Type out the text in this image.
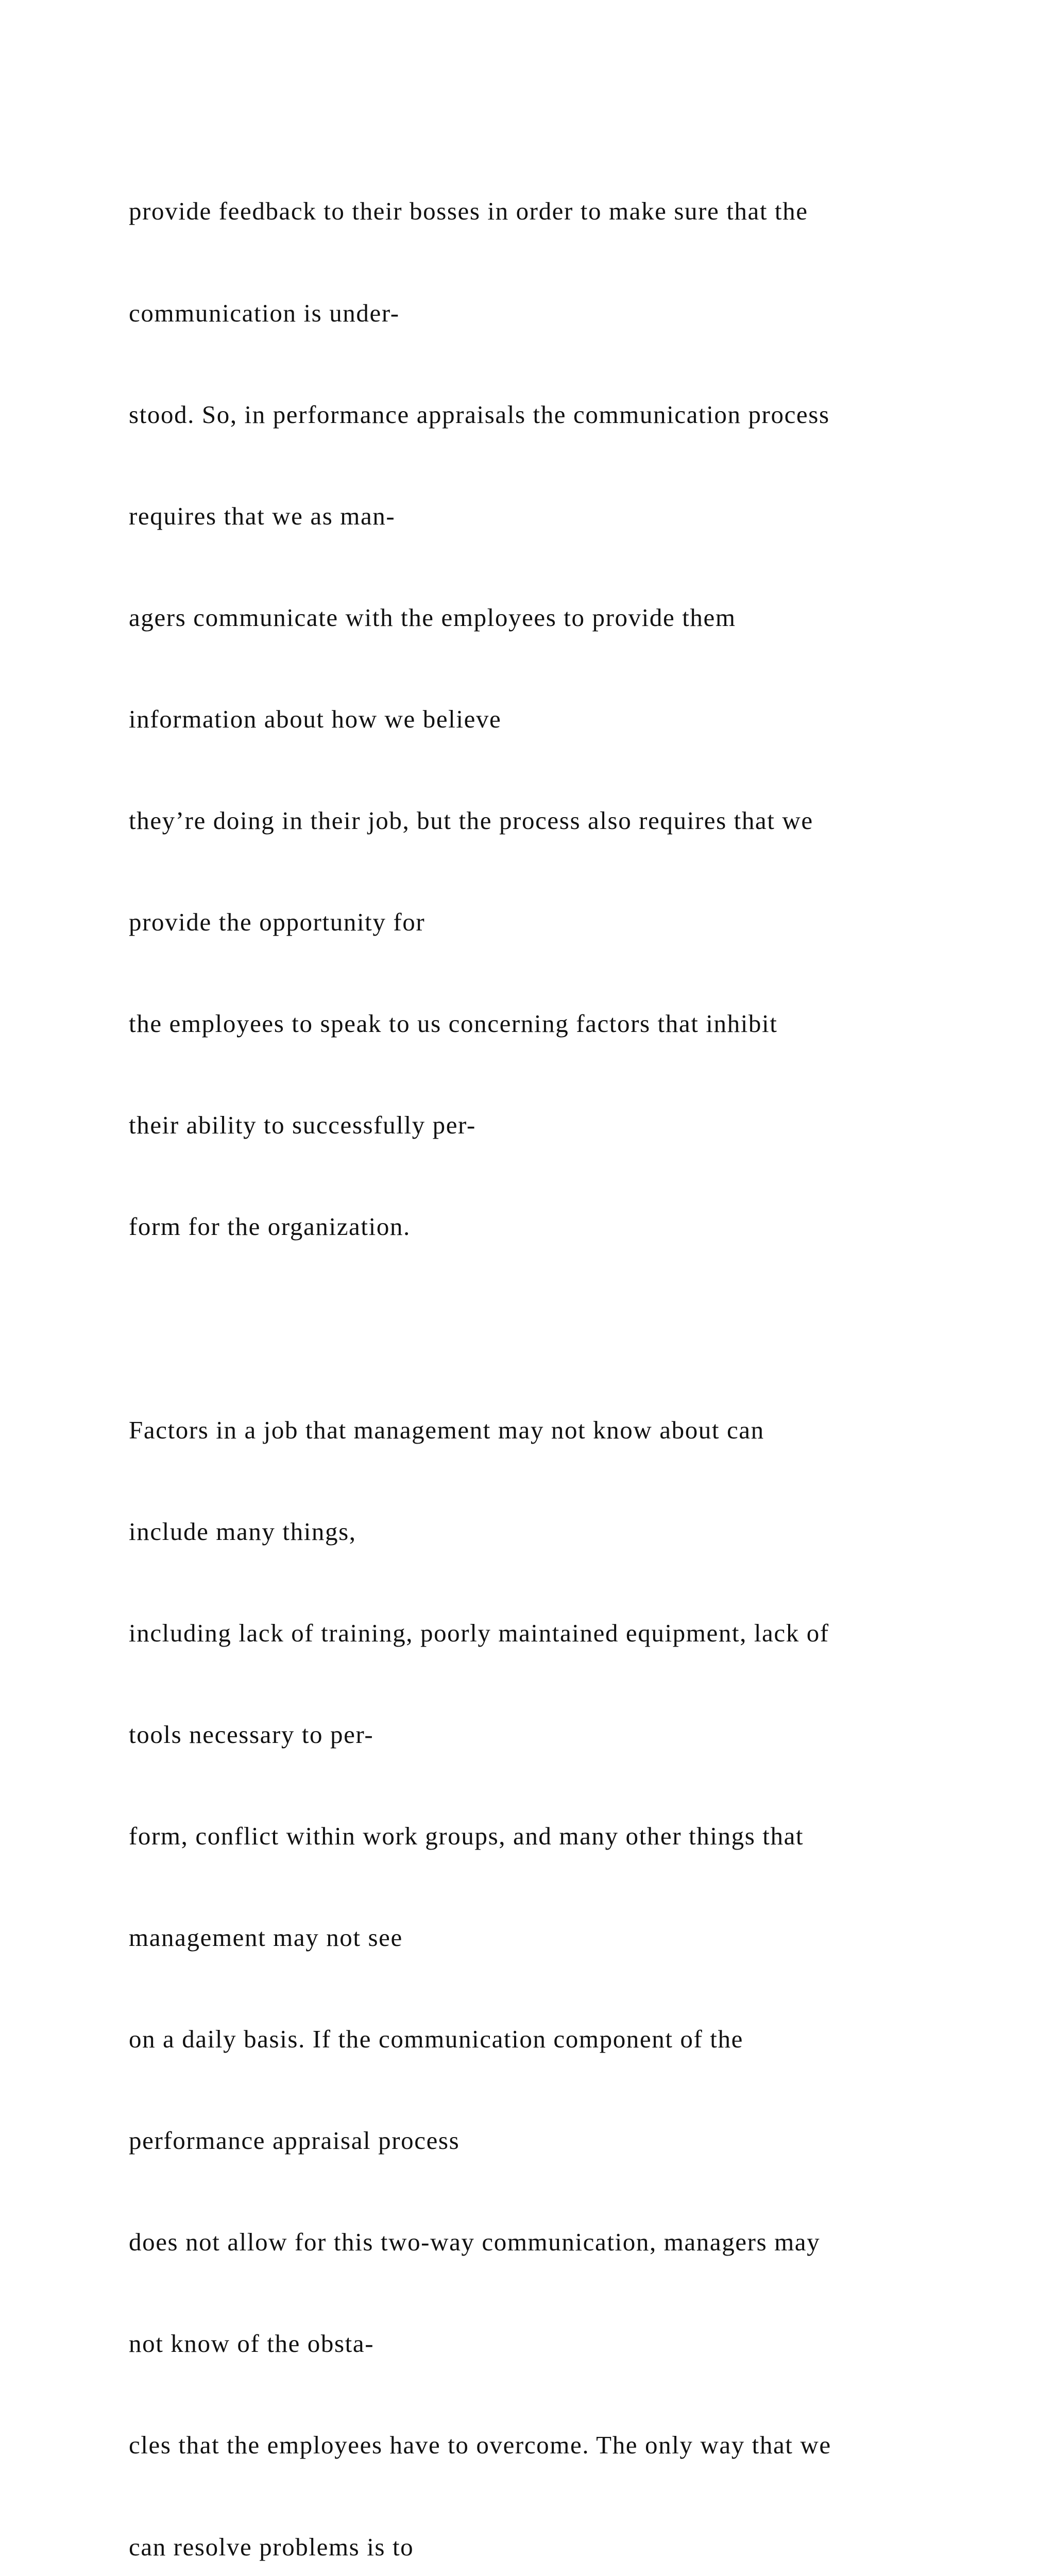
provide feedback to their bosses in order to make sure that the

communication is under-

stood. So, in performance appraisals the communication process

requires that we as man-

agers communicate with the employees to provide them

information about how we believe

they’re doing in their job, but the process also requires that we

provide the opportunity for

the employees to speak to us concerning factors that inhibit

their ability to successfully per-

form for the organization.

Factors in a job that management may not know about can

include many things,

including lack of training, poorly maintained equipment, lack of

tools necessary to per-

form, conflict within work groups, and many other things that

management may not see

on a daily basis. If the communication component of the

performance appraisal process

does not allow for this two-way communication, managers may

not know of the obsta-

cles that the employees have to overcome. The only way that we

can resolve problems is to
